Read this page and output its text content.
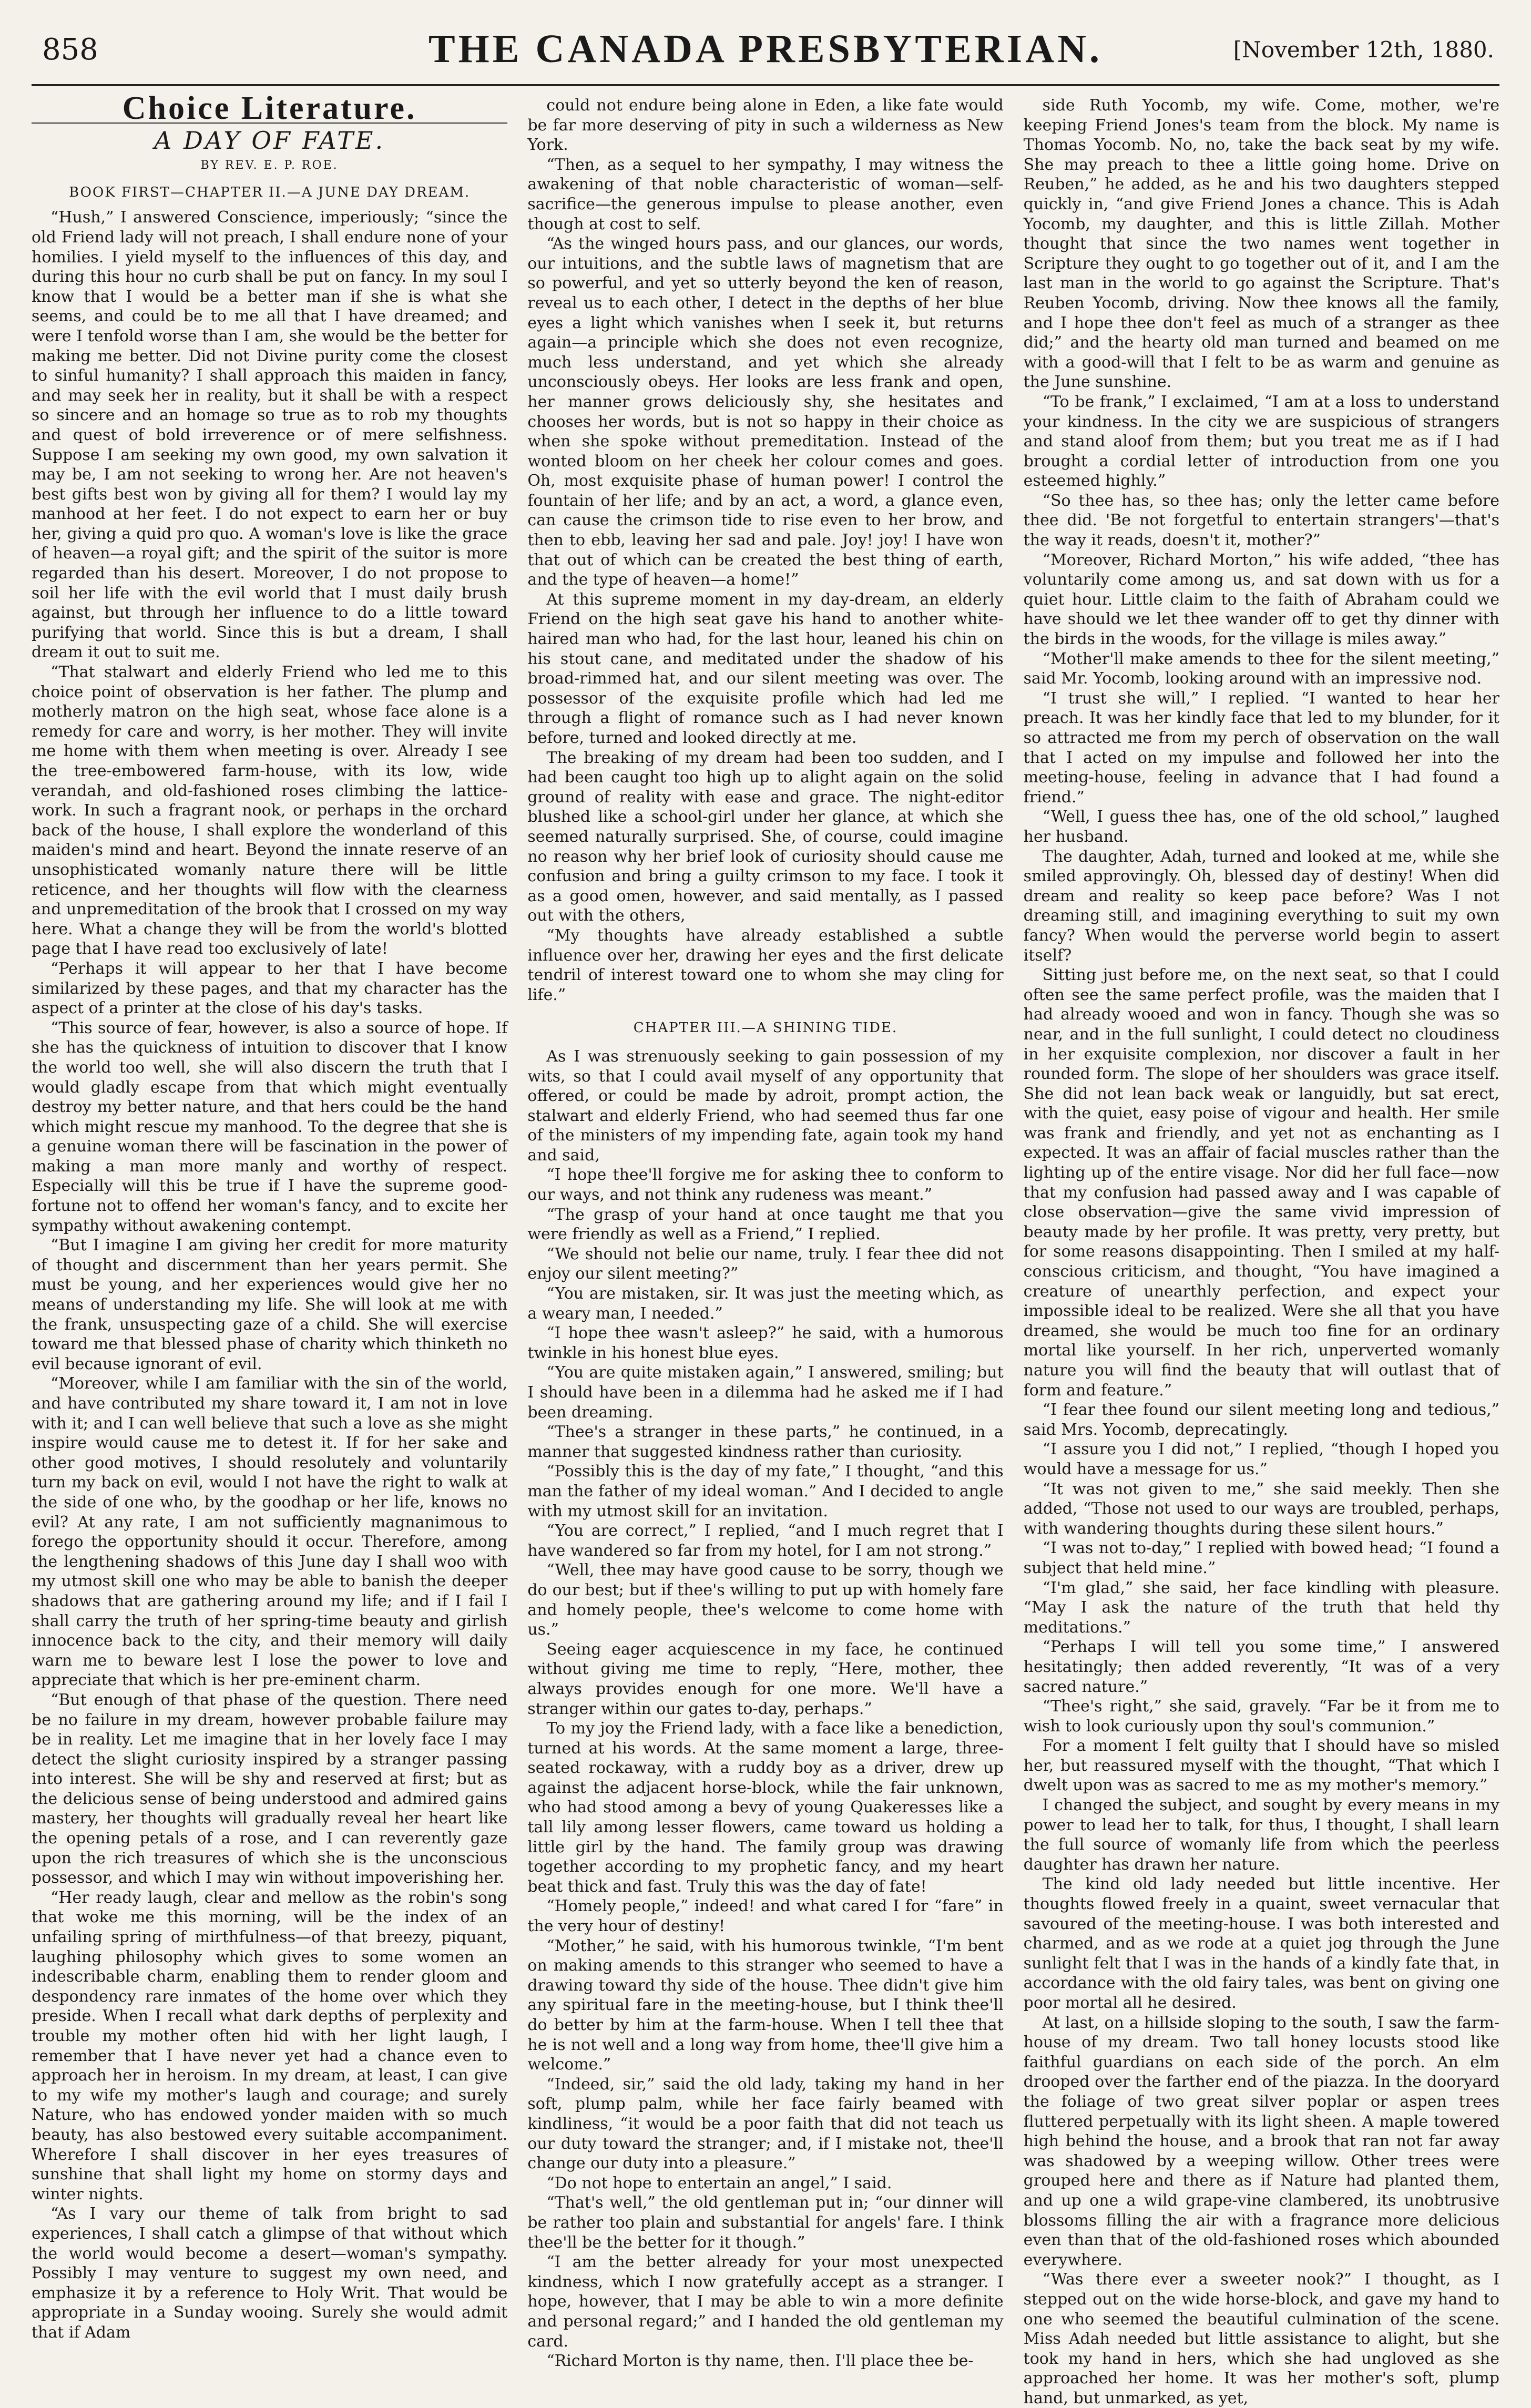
858	THE CANADA PRESBYTERIAN.	[November 12th, 1880.
Choice Literature.
A DAY OF FATE.
BY REV. E. P. ROE.
BOOK FIRST—CHAPTER II.—A JUNE DAY DREAM.

“Hush,” I answered Conscience, imperiously; “since the old Friend lady will not preach, I shall endure none of your homilies. I yield myself to the influences of this day, and during this hour no curb shall be put on fancy. In my soul I know that I would be a better man if she is what she seems, and could be to me all that I have dreamed; and were I tenfold worse than I am, she would be the better for making me better. Did not Divine purity come the closest to sinful humanity? I shall approach this maiden in fancy, and may seek her in reality, but it shall be with a respect so sincere and an homage so true as to rob my thoughts and quest of bold irreverence or of mere selfishness. Suppose I am seeking my own good, my own salvation it may be, I am not seeking to wrong her. Are not heaven's best gifts best won by giving all for them? I would lay my manhood at her feet. I do not expect to earn her or buy her, giving a quid pro quo. A woman's love is like the grace of heaven—a royal gift; and the spirit of the suitor is more regarded than his desert. Moreover, I do not propose to soil her life with the evil world that I must daily brush against, but through her influence to do a little toward purifying that world. Since this is but a dream, I shall dream it out to suit me.

“That stalwart and elderly Friend who led me to this choice point of observation is her father. The plump and motherly matron on the high seat, whose face alone is a remedy for care and worry, is her mother. They will invite me home with them when meeting is over. Already I see the tree-embowered farm-house, with its low, wide verandah, and old-fashioned roses climbing the lattice-work. In such a fragrant nook, or perhaps in the orchard back of the house, I shall explore the wonderland of this maiden's mind and heart. Beyond the innate reserve of an unsophisticated womanly nature there will be little reticence, and her thoughts will flow with the clearness and unpremeditation of the brook that I crossed on my way here. What a change they will be from the world's blotted page that I have read too exclusively of late!

“Perhaps it will appear to her that I have become similarized by these pages, and that my character has the aspect of a printer at the close of his day's tasks.

“This source of fear, however, is also a source of hope. If she has the quickness of intuition to discover that I know the world too well, she will also discern the truth that I would gladly escape from that which might eventually destroy my better nature, and that hers could be the hand which might rescue my manhood. To the degree that she is a genuine woman there will be fascination in the power of making a man more manly and worthy of respect. Especially will this be true if I have the supreme good-fortune not to offend her woman's fancy, and to excite her sympathy without awakening contempt.

“But I imagine I am giving her credit for more maturity of thought and discernment than her years permit. She must be young, and her experiences would give her no means of understanding my life. She will look at me with the frank, unsuspecting gaze of a child. She will exercise toward me that blessed phase of charity which thinketh no evil because ignorant of evil.

“Moreover, while I am familiar with the sin of the world, and have contributed my share toward it, I am not in love with it; and I can well believe that such a love as she might inspire would cause me to detest it. If for her sake and other good motives, I should resolutely and voluntarily turn my back on evil, would I not have the right to walk at the side of one who, by the goodhap or her life, knows no evil? At any rate, I am not sufficiently magnanimous to forego the opportunity should it occur. Therefore, among the lengthening shadows of this June day I shall woo with my utmost skill one who may be able to banish the deeper shadows that are gathering around my life; and if I fail I shall carry the truth of her spring-time beauty and girlish innocence back to the city, and their memory will daily warn me to beware lest I lose the power to love and appreciate that which is her pre-eminent charm.

“But enough of that phase of the question. There need be no failure in my dream, however probable failure may be in reality. Let me imagine that in her lovely face I may detect the slight curiosity inspired by a stranger passing into interest. She will be shy and reserved at first; but as the delicious sense of being understood and admired gains mastery, her thoughts will gradually reveal her heart like the opening petals of a rose, and I can reverently gaze upon the rich treasures of which she is the unconscious possessor, and which I may win without impoverishing her.

“Her ready laugh, clear and mellow as the robin's song that woke me this morning, will be the index of an unfailing spring of mirthfulness—of that breezy, piquant, laughing philosophy which gives to some women an indescribable charm, enabling them to render gloom and despondency rare inmates of the home over which they preside. When I recall what dark depths of perplexity and trouble my mother often hid with her light laugh, I remember that I have never yet had a chance even to approach her in heroism. In my dream, at least, I can give to my wife my mother's laugh and courage; and surely Nature, who has endowed yonder maiden with so much beauty, has also bestowed every suitable accompaniment. Wherefore I shall discover in her eyes treasures of sunshine that shall light my home on stormy days and winter nights.

“As I vary our theme of talk from bright to sad experiences, I shall catch a glimpse of that without which the world would become a desert—woman's sympathy. Possibly I may venture to suggest my own need, and emphasize it by a reference to Holy Writ. That would be appropriate in a Sunday wooing. Surely she would admit that if Adam

could not endure being alone in Eden, a like fate would be far more deserving of pity in such a wilderness as New York.

“Then, as a sequel to her sympathy, I may witness the awakening of that noble characteristic of woman—self-sacrifice—the generous impulse to please another, even though at cost to self.

“As the winged hours pass, and our glances, our words, our intuitions, and the subtle laws of magnetism that are so powerful, and yet so utterly beyond the ken of reason, reveal us to each other, I detect in the depths of her blue eyes a light which vanishes when I seek it, but returns again—a principle which she does not even recognize, much less understand, and yet which she already unconsciously obeys. Her looks are less frank and open, her manner grows deliciously shy, she hesitates and chooses her words, but is not so happy in their choice as when she spoke without premeditation. Instead of the wonted bloom on her cheek her colour comes and goes. Oh, most exquisite phase of human power! I control the fountain of her life; and by an act, a word, a glance even, can cause the crimson tide to rise even to her brow, and then to ebb, leaving her sad and pale. Joy! joy! I have won that out of which can be created the best thing of earth, and the type of heaven—a home!”

At this supreme moment in my day-dream, an elderly Friend on the high seat gave his hand to another white-haired man who had, for the last hour, leaned his chin on his stout cane, and meditated under the shadow of his broad-rimmed hat, and our silent meeting was over. The possessor of the exquisite profile which had led me through a flight of romance such as I had never known before, turned and looked directly at me.

The breaking of my dream had been too sudden, and I had been caught too high up to alight again on the solid ground of reality with ease and grace. The night-editor blushed like a school-girl under her glance, at which she seemed naturally surprised. She, of course, could imagine no reason why her brief look of curiosity should cause me confusion and bring a guilty crimson to my face. I took it as a good omen, however, and said mentally, as I passed out with the others,

“My thoughts have already established a subtle influence over her, drawing her eyes and the first delicate tendril of interest toward one to whom she may cling for life.”

CHAPTER III.—A SHINING TIDE.

As I was strenuously seeking to gain possession of my wits, so that I could avail myself of any opportunity that offered, or could be made by adroit, prompt action, the stalwart and elderly Friend, who had seemed thus far one of the ministers of my impending fate, again took my hand and said,

“I hope thee'll forgive me for asking thee to conform to our ways, and not think any rudeness was meant.”

“The grasp of your hand at once taught me that you were friendly as well as a Friend,” I replied.

“We should not belie our name, truly. I fear thee did not enjoy our silent meeting?”

“You are mistaken, sir. It was just the meeting which, as a weary man, I needed.”

“I hope thee wasn't asleep?” he said, with a humorous twinkle in his honest blue eyes.

“You are quite mistaken again,” I answered, smiling; but I should have been in a dilemma had he asked me if I had been dreaming.

“Thee's a stranger in these parts,” he continued, in a manner that suggested kindness rather than curiosity.

“Possibly this is the day of my fate,” I thought, “and this man the father of my ideal woman.” And I decided to angle with my utmost skill for an invitation.

“You are correct,” I replied, “and I much regret that I have wandered so far from my hotel, for I am not strong.”

“Well, thee may have good cause to be sorry, though we do our best; but if thee's willing to put up with homely fare and homely people, thee's welcome to come home with us.”

Seeing eager acquiescence in my face, he continued without giving me time to reply, “Here, mother, thee always provides enough for one more. We'll have a stranger within our gates to-day, perhaps.”

To my joy the Friend lady, with a face like a benediction, turned at his words. At the same moment a large, three-seated rockaway, with a ruddy boy as a driver, drew up against the adjacent horse-block, while the fair unknown, who had stood among a bevy of young Quakeresses like a tall lily among lesser flowers, came toward us holding a little girl by the hand. The family group was drawing together according to my prophetic fancy, and my heart beat thick and fast. Truly this was the day of fate!

“Homely people,” indeed! and what cared I for “fare” in the very hour of destiny!

“Mother,” he said, with his humorous twinkle, “I'm bent on making amends to this stranger who seemed to have a drawing toward thy side of the house. Thee didn't give him any spiritual fare in the meeting-house, but I think thee'll do better by him at the farm-house. When I tell thee that he is not well and a long way from home, thee'll give him a welcome.”

“Indeed, sir,” said the old lady, taking my hand in her soft, plump palm, while her face fairly beamed with kindliness, “it would be a poor faith that did not teach us our duty toward the stranger; and, if I mistake not, thee'll change our duty into a pleasure.”

“Do not hope to entertain an angel,” I said.

“That's well,” the old gentleman put in; “our dinner will be rather too plain and substantial for angels' fare. I think thee'll be the better for it though.”

“I am the better already for your most unexpected kindness, which I now gratefully accept as a stranger. I hope, however, that I may be able to win a more definite and personal regard;” and I handed the old gentleman my card.

“Richard Morton is thy name, then. I'll place thee be-

side Ruth Yocomb, my wife. Come, mother, we're keeping Friend Jones's team from the block. My name is Thomas Yocomb. No, no, take the back seat by my wife. She may preach to thee a little going home. Drive on Reuben,” he added, as he and his two daughters stepped quickly in, “and give Friend Jones a chance. This is Adah Yocomb, my daughter, and this is little Zillah. Mother thought that since the two names went together in Scripture they ought to go together out of it, and I am the last man in the world to go against the Scripture. That's Reuben Yocomb, driving. Now thee knows all the family, and I hope thee don't feel as much of a stranger as thee did;” and the hearty old man turned and beamed on me with a good-will that I felt to be as warm and genuine as the June sunshine.

“To be frank,” I exclaimed, “I am at a loss to understand your kindness. In the city we are suspicious of strangers and stand aloof from them; but you treat me as if I had brought a cordial letter of introduction from one you esteemed highly.”

“So thee has, so thee has; only the letter came before thee did. 'Be not forgetful to entertain strangers'—that's the way it reads, doesn't it, mother?”

“Moreover, Richard Morton,” his wife added, “thee has voluntarily come among us, and sat down with us for a quiet hour. Little claim to the faith of Abraham could we have should we let thee wander off to get thy dinner with the birds in the woods, for the village is miles away.”

“Mother'll make amends to thee for the silent meeting,” said Mr. Yocomb, looking around with an impressive nod.

“I trust she will,” I replied. “I wanted to hear her preach. It was her kindly face that led to my blunder, for it so attracted me from my perch of observation on the wall that I acted on my impulse and followed her into the meeting-house, feeling in advance that I had found a friend.”

“Well, I guess thee has, one of the old school,” laughed her husband.

The daughter, Adah, turned and looked at me, while she smiled approvingly. Oh, blessed day of destiny! When did dream and reality so keep pace before? Was I not dreaming still, and imagining everything to suit my own fancy? When would the perverse world begin to assert itself?

Sitting just before me, on the next seat, so that I could often see the same perfect profile, was the maiden that I had already wooed and won in fancy. Though she was so near, and in the full sunlight, I could detect no cloudiness in her exquisite complexion, nor discover a fault in her rounded form. The slope of her shoulders was grace itself. She did not lean back weak or languidly, but sat erect, with the quiet, easy poise of vigour and health. Her smile was frank and friendly, and yet not as enchanting as I expected. It was an affair of facial muscles rather than the lighting up of the entire visage. Nor did her full face—now that my confusion had passed away and I was capable of close observation—give the same vivid impression of beauty made by her profile. It was pretty, very pretty, but for some reasons disappointing. Then I smiled at my half-conscious criticism, and thought, “You have imagined a creature of unearthly perfection, and expect your impossible ideal to be realized. Were she all that you have dreamed, she would be much too fine for an ordinary mortal like yourself. In her rich, unperverted womanly nature you will find the beauty that will outlast that of form and feature.”

“I fear thee found our silent meeting long and tedious,” said Mrs. Yocomb, deprecatingly.

“I assure you I did not,” I replied, “though I hoped you would have a message for us.”

“It was not given to me,” she said meekly. Then she added, “Those not used to our ways are troubled, perhaps, with wandering thoughts during these silent hours.”

“I was not to-day,” I replied with bowed head; “I found a subject that held mine.”

“I'm glad,” she said, her face kindling with pleasure. “May I ask the nature of the truth that held thy meditations.”

“Perhaps I will tell you some time,” I answered hesitatingly; then added reverently, “It was of a very sacred nature.”

“Thee's right,” she said, gravely. “Far be it from me to wish to look curiously upon thy soul's communion.”

For a moment I felt guilty that I should have so misled her, but reassured myself with the thought, “That which I dwelt upon was as sacred to me as my mother's memory.”

I changed the subject, and sought by every means in my power to lead her to talk, for thus, I thought, I shall learn the full source of womanly life from which the peerless daughter has drawn her nature.

The kind old lady needed but little incentive. Her thoughts flowed freely in a quaint, sweet vernacular that savoured of the meeting-house. I was both interested and charmed, and as we rode at a quiet jog through the June sunlight felt that I was in the hands of a kindly fate that, in accordance with the old fairy tales, was bent on giving one poor mortal all he desired.

At last, on a hillside sloping to the south, I saw the farm-house of my dream. Two tall honey locusts stood like faithful guardians on each side of the porch. An elm drooped over the farther end of the piazza. In the dooryard the foliage of two great silver poplar or aspen trees fluttered perpetually with its light sheen. A maple towered high behind the house, and a brook that ran not far away was shadowed by a weeping willow. Other trees were grouped here and there as if Nature had planted them, and up one a wild grape-vine clambered, its unobtrusive blossoms filling the air with a fragrance more delicious even than that of the old-fashioned roses which abounded everywhere.

“Was there ever a sweeter nook?” I thought, as I stepped out on the wide horse-block, and gave my hand to one who seemed the beautiful culmination of the scene. Miss Adah needed but little assistance to alight, but she took my hand in hers, which she had ungloved as she approached her home. It was her mother's soft, plump hand, but unmarked, as yet,
